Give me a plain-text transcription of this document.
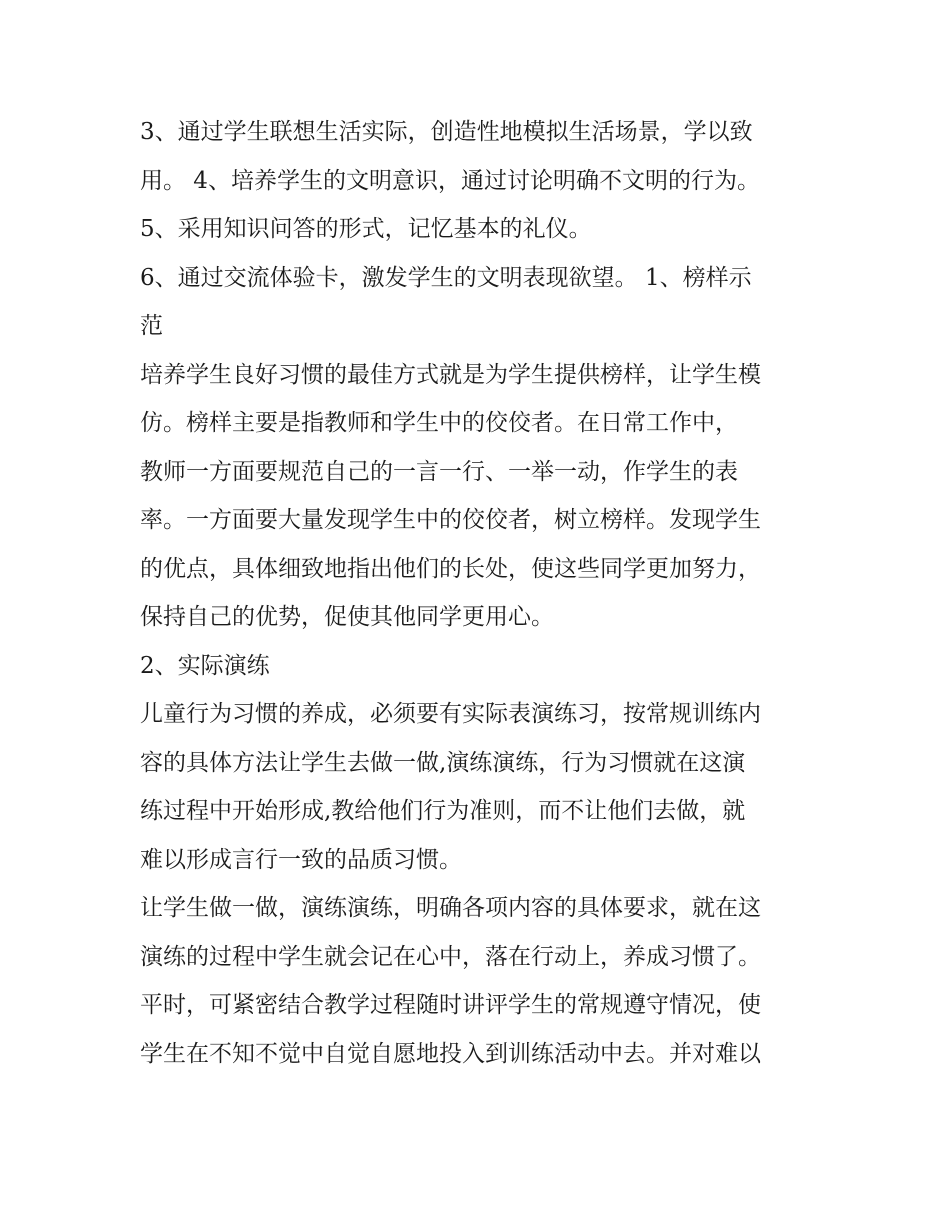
3、通过学生联想生活实际，创造性地模拟生活场景，学以致
用。 4、培养学生的文明意识，通过讨论明确不文明的行为。
5、采用知识问答的形式，记忆基本的礼仪。
6、通过交流体验卡，激发学生的文明表现欲望。 1、榜样示
范
培养学生良好习惯的最佳方式就是为学生提供榜样，让学生模
仿。榜样主要是指教师和学生中的佼佼者。在日常工作中，
教师一方面要规范自己的一言一行、一举一动，作学生的表
率。一方面要大量发现学生中的佼佼者，树立榜样。发现学生
的优点，具体细致地指出他们的长处，使这些同学更加努力，
保持自己的优势，促使其他同学更用心。
2、实际演练
儿童行为习惯的养成，必须要有实际表演练习，按常规训练内
容的具体方法让学生去做一做,演练演练，行为习惯就在这演
练过程中开始形成,教给他们行为准则，而不让他们去做，就
难以形成言行一致的品质习惯。
让学生做一做，演练演练，明确各项内容的具体要求，就在这
演练的过程中学生就会记在心中，落在行动上，养成习惯了。
平时，可紧密结合教学过程随时讲评学生的常规遵守情况，使
学生在不知不觉中自觉自愿地投入到训练活动中去。并对难以
